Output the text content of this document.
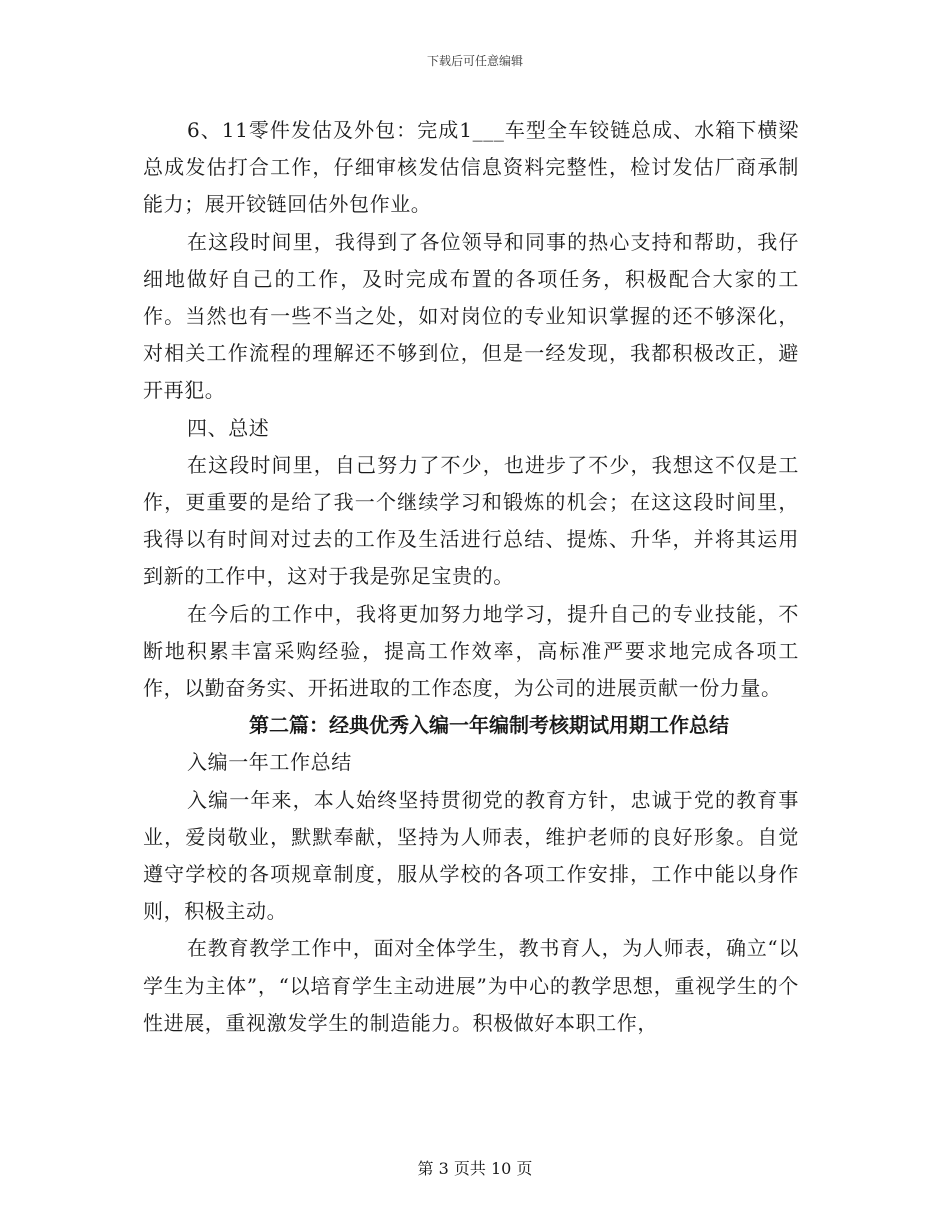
下载后可任意编辑

6、11零件发估及外包：完成1___车型全车铰链总成、水箱下横梁总成发估打合工作，仔细审核发估信息资料完整性，检讨发估厂商承制能力；展开铰链回估外包作业。

在这段时间里，我得到了各位领导和同事的热心支持和帮助，我仔细地做好自己的工作，及时完成布置的各项任务，积极配合大家的工作。当然也有一些不当之处，如对岗位的专业知识掌握的还不够深化，对相关工作流程的理解还不够到位，但是一经发现，我都积极改正，避开再犯。

四、总述

在这段时间里，自己努力了不少，也进步了不少，我想这不仅是工作，更重要的是给了我一个继续学习和锻炼的机会；在这这段时间里，我得以有时间对过去的工作及生活进行总结、提炼、升华，并将其运用到新的工作中，这对于我是弥足宝贵的。

在今后的工作中，我将更加努力地学习，提升自己的专业技能，不断地积累丰富采购经验，提高工作效率，高标准严要求地完成各项工作，以勤奋务实、开拓进取的工作态度，为公司的进展贡献一份力量。

第二篇：经典优秀入编一年编制考核期试用期工作总结

入编一年工作总结

入编一年来，本人始终坚持贯彻党的教育方针，忠诚于党的教育事业，爱岗敬业，默默奉献，坚持为人师表，维护老师的良好形象。自觉遵守学校的各项规章制度，服从学校的各项工作安排，工作中能以身作则，积极主动。

在教育教学工作中，面对全体学生，教书育人，为人师表，确立“以学生为主体”，“以培育学生主动进展”为中心的教学思想，重视学生的个性进展，重视激发学生的制造能力。积极做好本职工作，

第 3 页共 10 页
